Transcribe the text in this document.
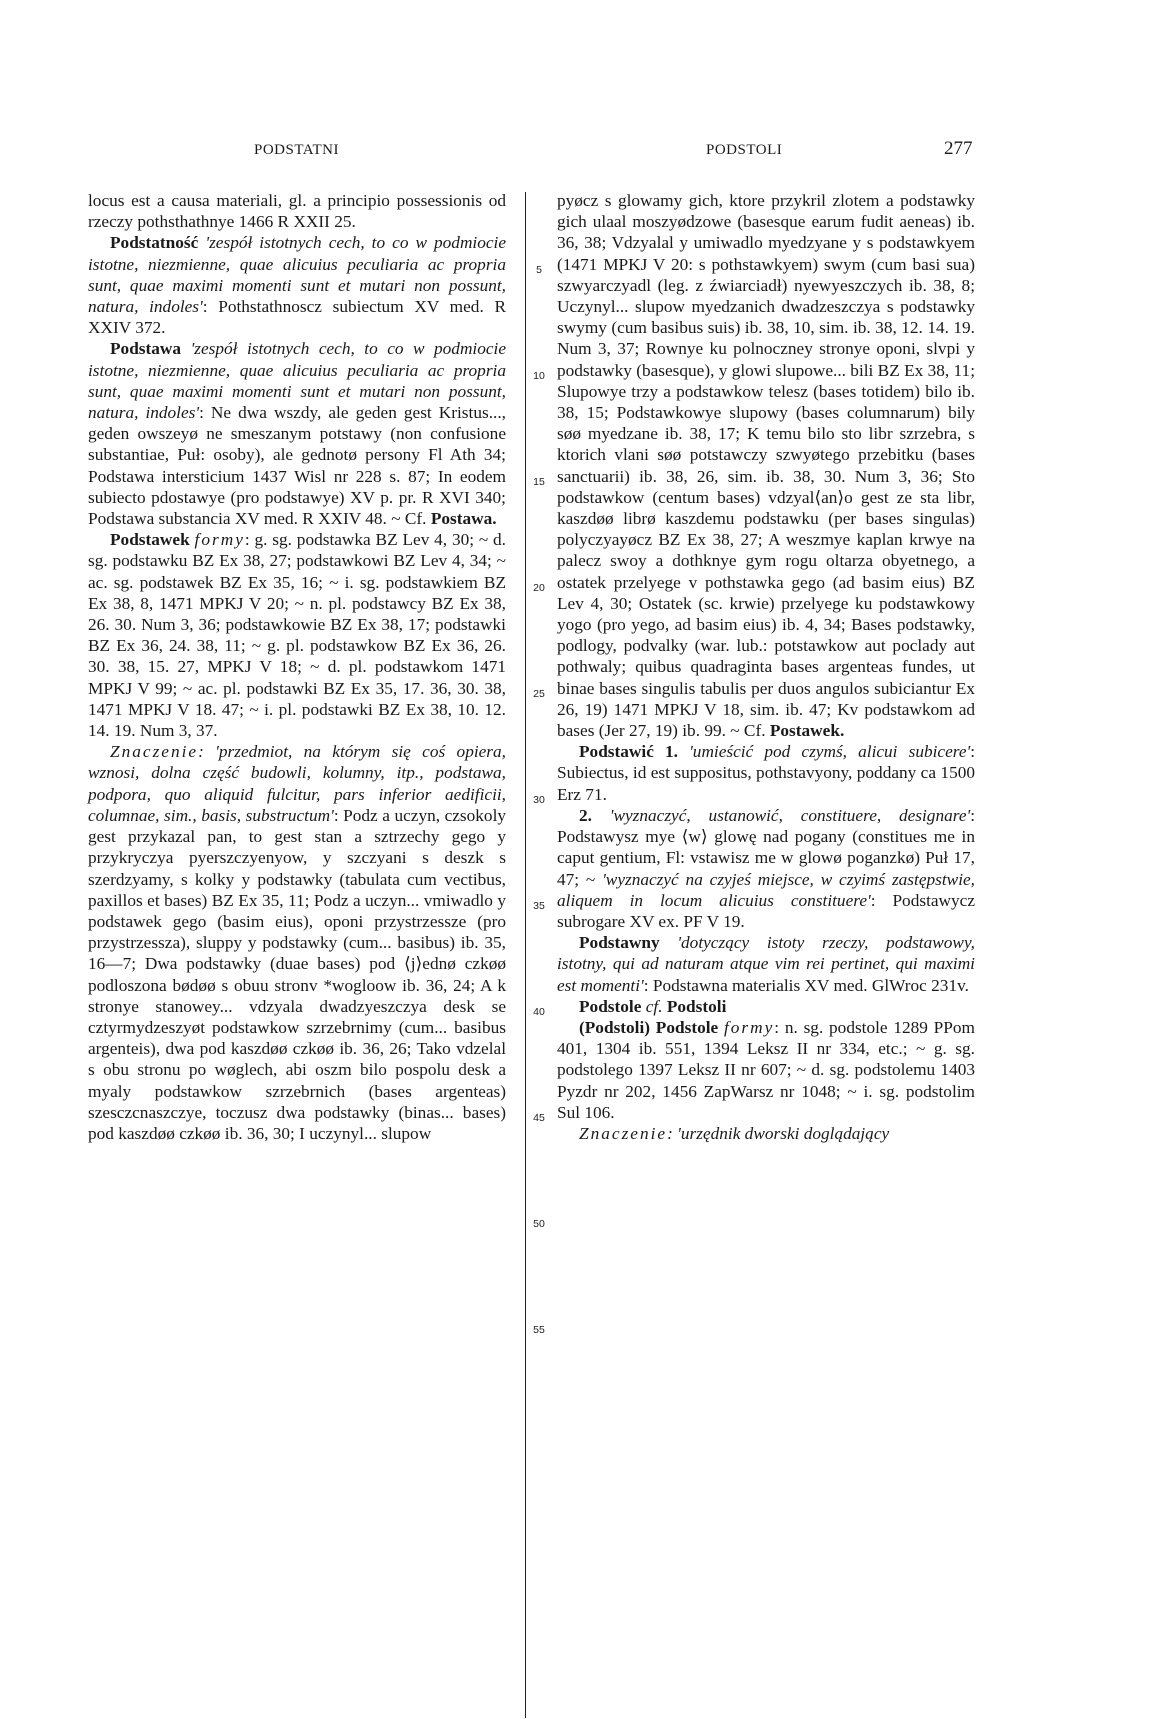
PODSTATNI	PODSTOLI	277

locus est a causa materiali, gl. a principio possessionis od rzeczy pothsthathnye 1466 R XXII 25.

Podstatność 'zespół istotnych cech, to co w podmiocie istotne, niezmienne, quae alicuius peculiaria ac propria sunt, quae maximi momenti sunt et mutari non possunt, natura, indoles': Pothstathnoscz subiectum XV med. R XXIV 372.

Podstawa 'zespół istotnych cech, to co w podmiocie istotne, niezmienne, quae alicuius peculiaria ac propria sunt, quae maximi momenti sunt et mutari non possunt, natura, indoles': Ne dwa wszdy, ale geden gest Kristus..., geden owszeyø ne smeszanym potstawy (non confusione substantiae, Puł: osoby), ale gednotø persony Fl Ath 34; Podstawa intersticium 1437 Wisl nr 228 s. 87; In eodem subiecto pdostawye (pro podstawye) XV p. pr. R XVI 340; Podstawa substancia XV med. R XXIV 48. ~ Cf. Postawa.

Podstawek formy: g. sg. podstawka BZ Lev 4, 30; ~ d. sg. podstawku BZ Ex 38, 27; podstawkowi BZ Lev 4, 34; ~ ac. sg. podstawek BZ Ex 35, 16; ~ i. sg. podstawkiem BZ Ex 38, 8, 1471 MPKJ V 20; ~ n. pl. podstawcy BZ Ex 38, 26. 30. Num 3, 36; podstawkowie BZ Ex 38, 17; podstawki BZ Ex 36, 24. 38, 11; ~ g. pl. podstawkow BZ Ex 36, 26. 30. 38, 15. 27, MPKJ V 18; ~ d. pl. podstawkom 1471 MPKJ V 99; ~ ac. pl. podstawki BZ Ex 35, 17. 36, 30. 38, 1471 MPKJ V 18. 47; ~ i. pl. podstawki BZ Ex 38, 10. 12. 14. 19. Num 3, 37.

Znaczenie: 'przedmiot, na którym się coś opiera, wznosi, dolna część budowli, kolumny, itp., podstawa, podpora, quo aliquid fulcitur, pars inferior aedificii, columnae, sim., basis, substructum': Podz a uczyn, czsokoly gest przykazal pan, to gest stan a sztrzechy gego y przykryczya pyerszczyenyow, y szczyani s deszk s szerdzyamy, s kolky y podstawky (tabulata cum vectibus, paxillos et bases) BZ Ex 35, 11; Podz a uczyn... vmiwadlo y podstawek gego (basim eius), oponi przystrzessze (pro przystrzessza), sluppy y podstawky (cum... basibus) ib. 35, 16—7; Dwa podstawky (duae bases) pod ⟨j⟩ednø czkøø podloszona bødøø s obuu stronv *wogloow ib. 36, 24; A k stronye stanowey... vdzyala dwadzyeszczya desk se cztyrmydzeszyøt podstawkow szrzebrnimy (cum... basibus argenteis), dwa pod kaszdøø czkøø ib. 36, 26; Tako vdzelal s obu stronu po wøglech, abi oszm bilo pospolu desk a myaly podstawkow szrzebrnich (bases argenteas) szesczcnaszczye, toczusz dwa podstawky (binas... bases) pod kaszdøø czkøø ib. 36, 30; I uczynyl... slupow

5
10
15
20
25
30
35
40
45
50
55

pyøcz s glowamy gich, ktore przykril zlotem a podstawky gich ulaal moszyødzowe (basesque earum fudit aeneas) ib. 36, 38; Vdzyalal y umiwadlo myedzyane y s podstawkyem (1471 MPKJ V 20: s pothstawkyem) swym (cum basi sua) szwyarczyadl (leg. z źwiarciadł) nyewyeszczych ib. 38, 8; Uczynyl... slupow myedzanich dwadzeszczya s podstawky swymy (cum basibus suis) ib. 38, 10, sim. ib. 38, 12. 14. 19. Num 3, 37; Rownye ku polnoczney stronye oponi, slvpi y podstawky (basesque), y glowi slupowe... bili BZ Ex 38, 11; Slupowye trzy a podstawkow telesz (bases totidem) bilo ib. 38, 15; Podstawkowye slupowy (bases columnarum) bily søø myedzane ib. 38, 17; K temu bilo sto libr szrzebra, s ktorich vlani søø potstawczy szwyøtego przebitku (bases sanctuarii) ib. 38, 26, sim. ib. 38, 30. Num 3, 36; Sto podstawkow (centum bases) vdzyal⟨an⟩o gest ze sta libr, kaszdøø librø kaszdemu podstawku (per bases singulas) polyczyayøcz BZ Ex 38, 27; A weszmye kaplan krwye na palecz swoy a dothknye gym rogu oltarza obyetnego, a ostatek przelyege v pothstawka gego (ad basim eius) BZ Lev 4, 30; Ostatek (sc. krwie) przelyege ku podstawkowy yogo (pro yego, ad basim eius) ib. 4, 34; Bases podstawky, podlogy, podvalky (war. lub.: potstawkow aut poclady aut pothwaly; quibus quadraginta bases argenteas fundes, ut binae bases singulis tabulis per duos angulos subiciantur Ex 26, 19) 1471 MPKJ V 18, sim. ib. 47; Kv podstawkom ad bases (Jer 27, 19) ib. 99. ~ Cf. Postawek.

Podstawić 1. 'umieścić pod czymś, alicui subicere': Subiectus, id est suppositus, pothstavyony, poddany ca 1500 Erz 71.

2. 'wyznaczyć, ustanowić, constituere, designare': Podstawysz mye ⟨w⟩ glowę nad pogany (constitues me in caput gentium, Fl: vstawisz me w glowø poganzkø) Puł 17, 47; ~ 'wyznaczyć na czyjeś miejsce, w czyimś zastępstwie, aliquem in locum alicuius constituere': Podstawycz subrogare XV ex. PF V 19.

Podstawny 'dotyczący istoty rzeczy, podstawowy, istotny, qui ad naturam atque vim rei pertinet, qui maximi est momenti': Podstawna materialis XV med. GlWroc 231v.

Podstole cf. Podstoli

(Podstoli) Podstole formy: n. sg. podstole 1289 PPom 401, 1304 ib. 551, 1394 Leksz II nr 334, etc.; ~ g. sg. podstolego 1397 Leksz II nr 607; ~ d. sg. podstolemu 1403 Pyzdr nr 202, 1456 ZapWarsz nr 1048; ~ i. sg. podstolim Sul 106.

Znaczenie: 'urzędnik dworski doglądający
